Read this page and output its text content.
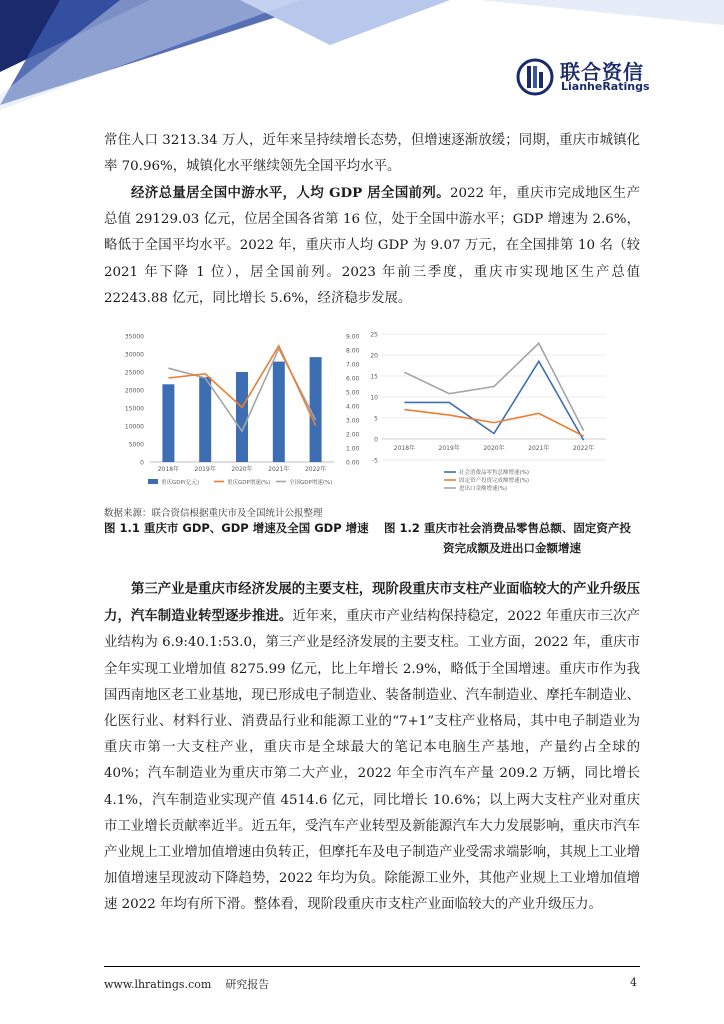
联合资信
LianheRatings

常住人口 3213.34 万人，近年来呈持续增长态势，但增速逐渐放缓；同期，重庆市城镇化率 70.96%，城镇化水平继续领先全国平均水平。

经济总量居全国中游水平，人均 GDP 居全国前列。2022 年，重庆市完成地区生产总值 29129.03 亿元，位居全国各省第 16 位，处于全国中游水平；GDP 增速为 2.6%，略低于全国平均水平。2022 年，重庆市人均 GDP 为 9.07 万元，在全国排第 10 名（较 2021 年下降 1 位），居全国前列。2023 年前三季度，重庆市实现地区生产总值 22243.88 亿元，同比增长 5.6%，经济稳步发展。

0
5000
10000
15000
20000
25000
30000
35000
0.00
1.00
2.00
3.00
4.00
5.00
6.00
7.00
8.00
9.00
2018年	2019年	2020年	2021年	2022年
重庆GDP(亿元)	重庆GDP增速(%)	全国GDP增速(%)
25
20
15
10
5
0
-5
2018年	2019年	2020年	2021年	2022年
社会消费品零售总额增速(%)
固定资产投资完成额增速(%)
进出口金额增速(%)
数据来源：联合资信根据重庆市及全国统计公报整理
图 1.1 重庆市 GDP、GDP 增速及全国 GDP 增速 图 1.2 重庆市社会消费品零售总额、固定资产投
资完成额及进出口金额增速

第三产业是重庆市经济发展的主要支柱，现阶段重庆市支柱产业面临较大的产业升级压力，汽车制造业转型逐步推进。近年来，重庆市产业结构保持稳定，2022 年重庆市三次产业结构为 6.9:40.1:53.0，第三产业是经济发展的主要支柱。工业方面，2022 年，重庆市全年实现工业增加值 8275.99 亿元，比上年增长 2.9%，略低于全国增速。重庆市作为我国西南地区老工业基地，现已形成电子制造业、装备制造业、汽车制造业、摩托车制造业、化医行业、材料行业、消费品行业和能源工业的“7+1”支柱产业格局，其中电子制造业为重庆市第一大支柱产业，重庆市是全球最大的笔记本电脑生产基地，产量约占全球的 40%；汽车制造业为重庆市第二大产业，2022 年全市汽车产量 209.2 万辆，同比增长 4.1%，汽车制造业实现产值 4514.6 亿元，同比增长 10.6%；以上两大支柱产业对重庆市工业增长贡献率近半。近五年，受汽车产业转型及新能源汽车大力发展影响，重庆市汽车产业规上工业增加值增速由负转正，但摩托车及电子制造产业受需求端影响，其规上工业增加值增速呈现波动下降趋势，2022 年均为负。除能源工业外，其他产业规上工业增加值增速 2022 年均有所下滑。整体看，现阶段重庆市支柱产业面临较大的产业升级压力。

www.lhratings.com 研究报告	4
